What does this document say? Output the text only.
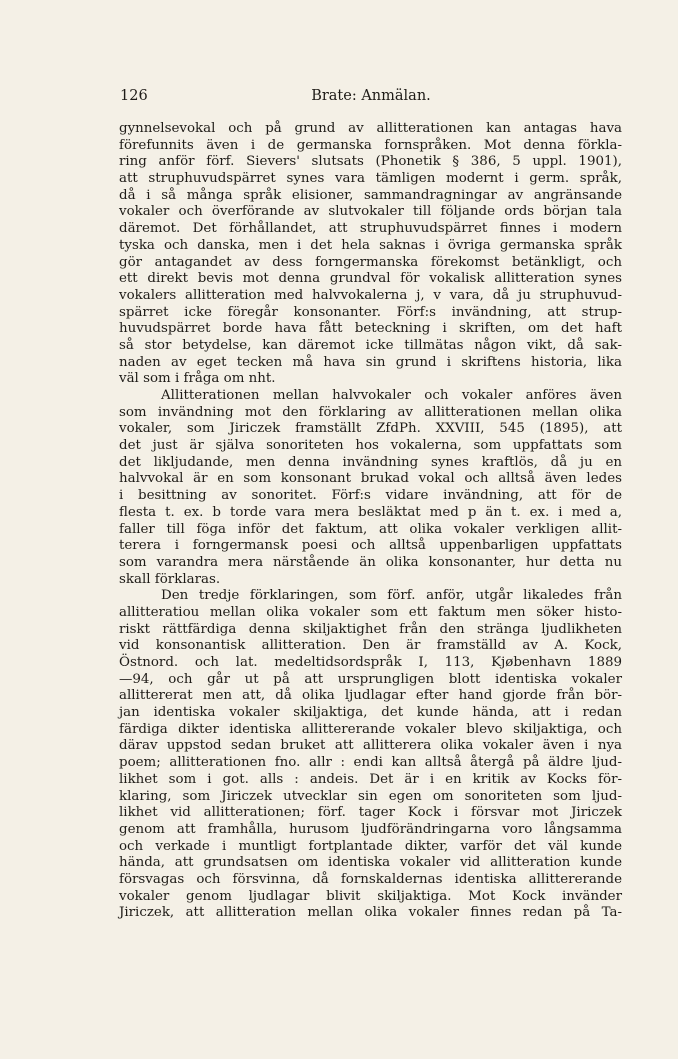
126	Brate: Anmälan.
gynnelsevokal och på grund av allitterationen kan antagas hava
förefunnits även i de germanska fornspråken. Mot denna förkla-
ring anför förf. Sievers' slutsats (Phonetik § 386, 5 uppl. 1901),
att struphuvudspärret synes vara tämligen modernt i germ. språk,
då i så många språk elisioner, sammandragningar av angränsande
vokaler och överförande av slutvokaler till följande ords början tala
däremot. Det förhållandet, att struphuvudspärret finnes i modern
tyska och danska, men i det hela saknas i övriga germanska språk
gör antagandet av dess forngermanska förekomst betänkligt, och
ett direkt bevis mot denna grundval för vokalisk allitteration synes
vokalers allitteration med halvvokalerna j, v vara, då ju struphuvud-
spärret icke föregår konsonanter. Förf:s invändning, att strup-
huvudspärret borde hava fått beteckning i skriften, om det haft
så stor betydelse, kan däremot icke tillmätas någon vikt, då sak-
naden av eget tecken må hava sin grund i skriftens historia, lika
väl som i fråga om nht.
Allitterationen mellan halvvokaler och vokaler anföres även
som invändning mot den förklaring av allitterationen mellan olika
vokaler, som Jiriczek framställt ZfdPh. XXVIII, 545 (1895), att
det just är själva sonoriteten hos vokalerna, som uppfattats som
det likljudande, men denna invändning synes kraftlös, då ju en
halvvokal är en som konsonant brukad vokal och alltså även ledes
i besittning av sonoritet. Förf:s vidare invändning, att för de
flesta t. ex. b torde vara mera besläktat med p än t. ex. i med a,
faller till föga inför det faktum, att olika vokaler verkligen allit-
terera i forngermansk poesi och alltså uppenbarligen uppfattats
som varandra mera närstående än olika konsonanter, hur detta nu
skall förklaras.
Den tredje förklaringen, som förf. anför, utgår likaledes från
allitteratiou mellan olika vokaler som ett faktum men söker histo-
riskt rättfärdiga denna skiljaktighet från den stränga ljudlikheten
vid konsonantisk allitteration. Den är framställd av A. Kock,
Östnord. och lat. medeltidsordspråk I, 113, Kjøbenhavn 1889
—94, och går ut på att ursprungligen blott identiska vokaler
allittererat men att, då olika ljudlagar efter hand gjorde från bör-
jan identiska vokaler skiljaktiga, det kunde hända, att i redan
färdiga dikter identiska allittererande vokaler blevo skiljaktiga, och
därav uppstod sedan bruket att allitterera olika vokaler även i nya
poem; allitterationen fno. allr : endi kan alltså återgå på äldre ljud-
likhet som i got. alls : andeis. Det är i en kritik av Kocks för-
klaring, som Jiriczek utvecklar sin egen om sonoriteten som ljud-
likhet vid allitterationen; förf. tager Kock i försvar mot Jiriczek
genom att framhålla, hurusom ljudförändringarna voro långsamma
och verkade i muntligt fortplantade dikter, varför det väl kunde
hända, att grundsatsen om identiska vokaler vid allitteration kunde
försvagas och försvinna, då fornskaldernas identiska allittererande
vokaler genom ljudlagar blivit skiljaktiga. Mot Kock invänder
Jiriczek, att allitteration mellan olika vokaler finnes redan på Ta-
